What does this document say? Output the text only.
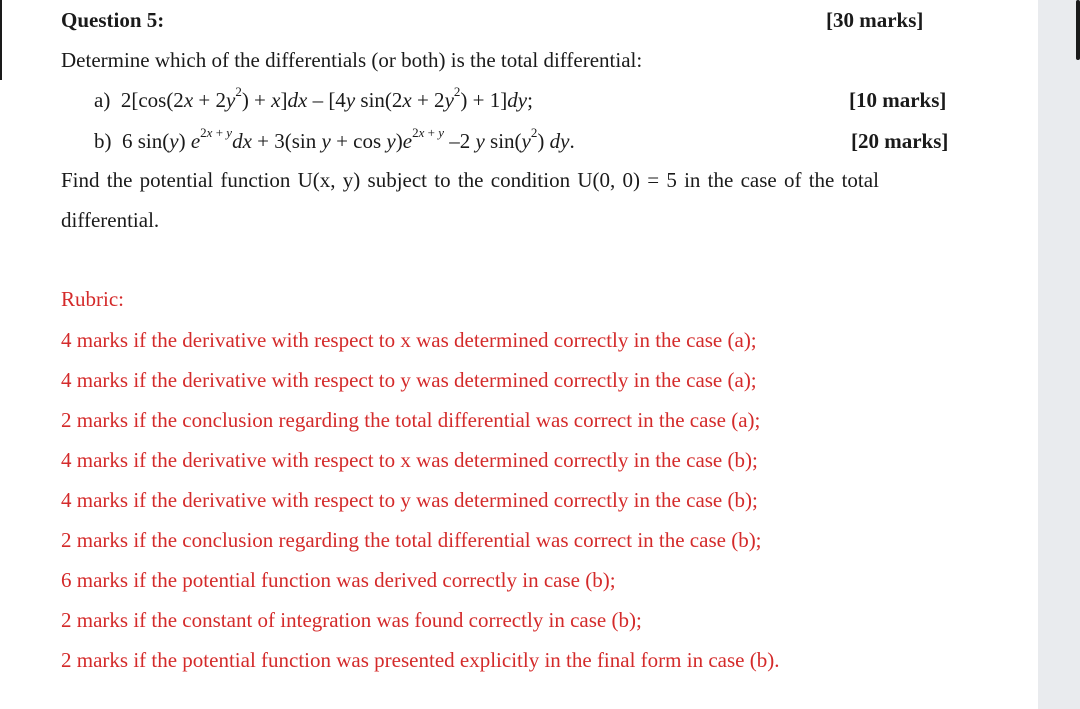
Question 5:	[30 marks]
Determine which of the differentials (or both) is the total differential:
a) $2[\cos(2x + 2y^2) + x]dx - [4y$ $\sin(2x + 2y^2) + 1]dy$;	[10 marks]
b) 6 sin(y) $e^{2x + y}dx + 3(\sin$ $y + \cos y)e^{2x + y}$ –2 y $\sin(y^2)$ dy.	[20 marks]
Find the potential function U(x, y) subject to the condition U(0, 0) = 5 in the case of the total
differential.
Rubric:
4 marks if the derivative with respect to x was determined correctly in the case (a);
4 marks if the derivative with respect to y was determined correctly in the case (a);
2 marks if the conclusion regarding the total differential was correct in the case (a);
4 marks if the derivative with respect to x was determined correctly in the case (b);
4 marks if the derivative with respect to y was determined correctly in the case (b);
2 marks if the conclusion regarding the total differential was correct in the case (b);
6 marks if the potential function was derived correctly in case (b);
2 marks if the constant of integration was found correctly in case (b);
2 marks if the potential function was presented explicitly in the final form in case (b).
